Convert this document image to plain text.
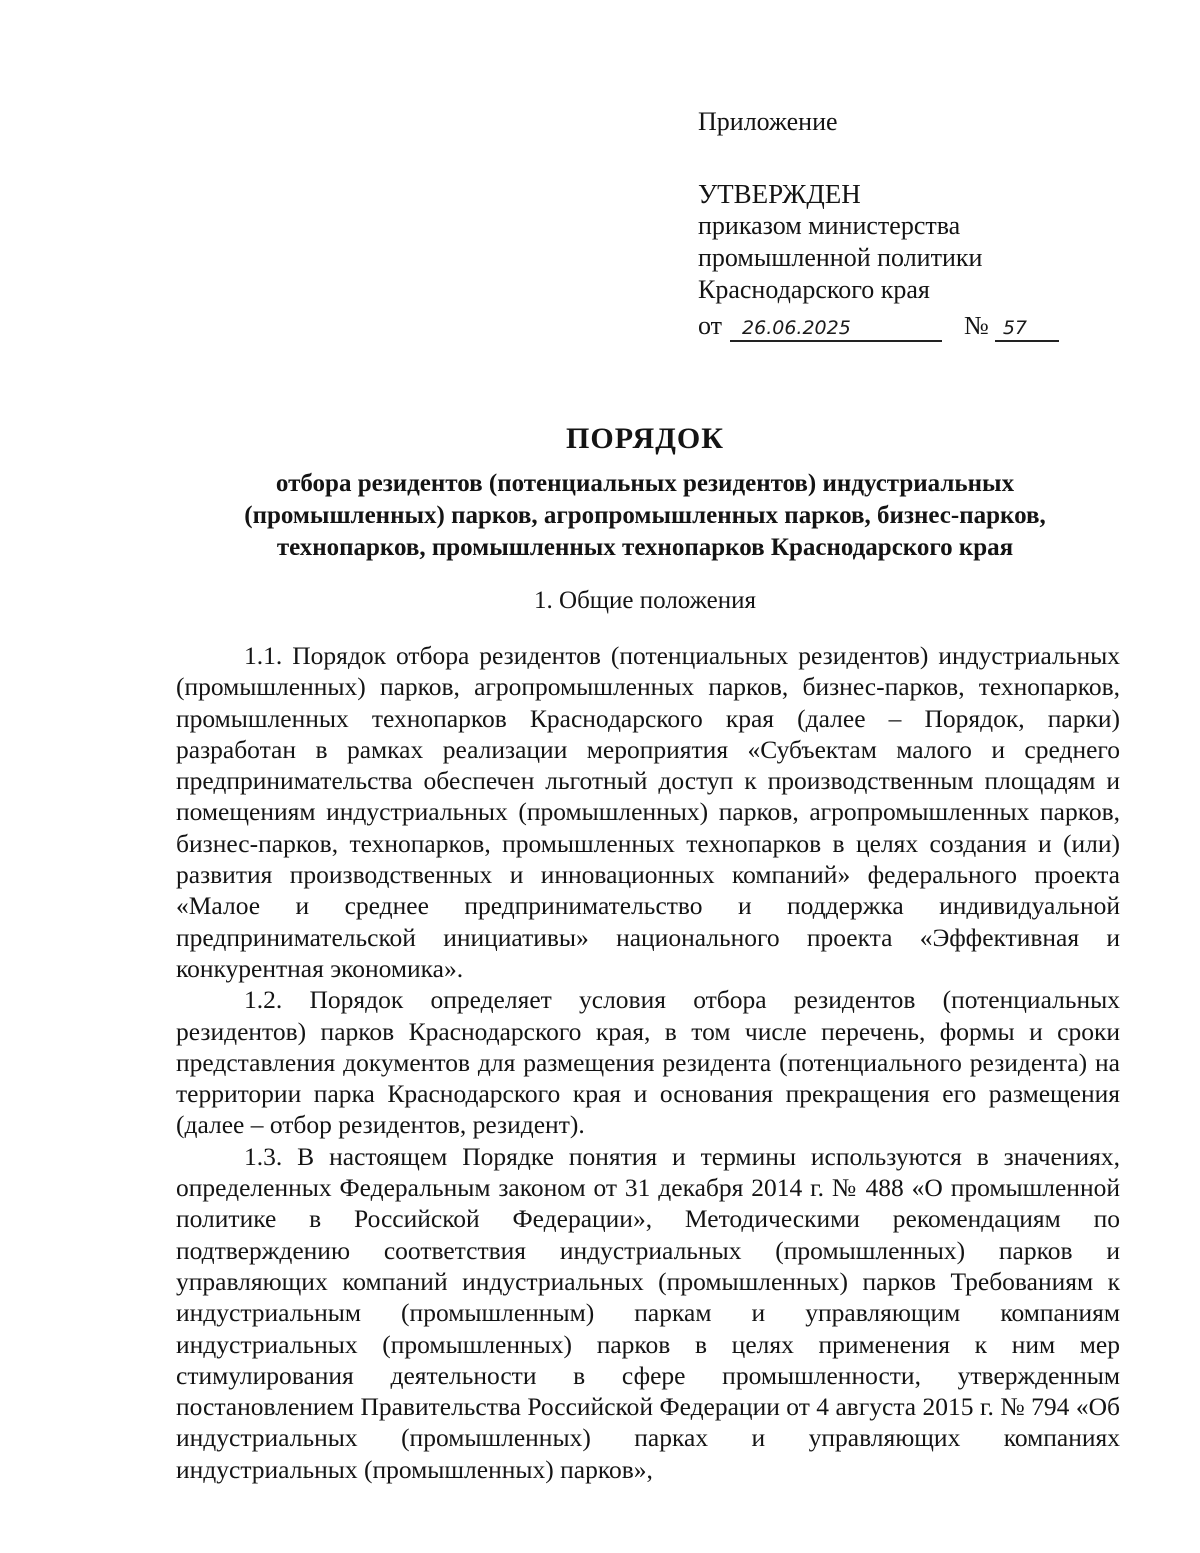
Приложение

УТВЕРЖДЕН

приказом министерства

промышленной политики

Краснодарского края

от	26.06.2025	№ 57

ПОРЯДОК

отбора резидентов (потенциальных резидентов) индустриальных

(промышленных) парков, агропромышленных парков, бизнес-парков,

технопарков, промышленных технопарков Краснодарского края

1. Общие положения

1.1. Порядок отбора резидентов (потенциальных резидентов) индустриальных (промышленных) парков, агропромышленных парков, бизнес-парков, технопарков, промышленных технопарков Краснодарского края (далее – Порядок, парки) разработан в рамках реализации мероприятия «Субъектам малого и среднего предпринимательства обеспечен льготный доступ к производственным площадям и помещениям индустриальных (промышленных) парков, агропромышленных парков, бизнес-парков, технопарков, промышленных технопарков в целях создания и (или) развития производственных и инновационных компаний» федерального проекта «Малое и среднее предпринимательство и поддержка индивидуальной предпринимательской инициативы» национального проекта «Эффективная и конкурентная экономика».

1.2. Порядок определяет условия отбора резидентов (потенциальных резидентов) парков Краснодарского края, в том числе перечень, формы и сроки представления документов для размещения резидента (потенциального резидента) на территории парка Краснодарского края и основания прекращения его размещения (далее – отбор резидентов, резидент).

1.3. В настоящем Порядке понятия и термины используются в значениях, определенных Федеральным законом от 31 декабря 2014 г. № 488 «О промышленной политике в Российской Федерации», Методическими рекомендациям по подтверждению соответствия индустриальных (промышленных) парков и управляющих компаний индустриальных (промышленных) парков Требованиям к индустриальным (промышленным) паркам и управляющим компаниям индустриальных (промышленных) парков в целях применения к ним мер стимулирования деятельности в сфере промышленности, утвержденным постановлением Правительства Российской Федерации от 4 августа 2015 г. № 794 «Об индустриальных (промышленных) парках и управляющих компаниях индустриальных (промышленных) парков»,
